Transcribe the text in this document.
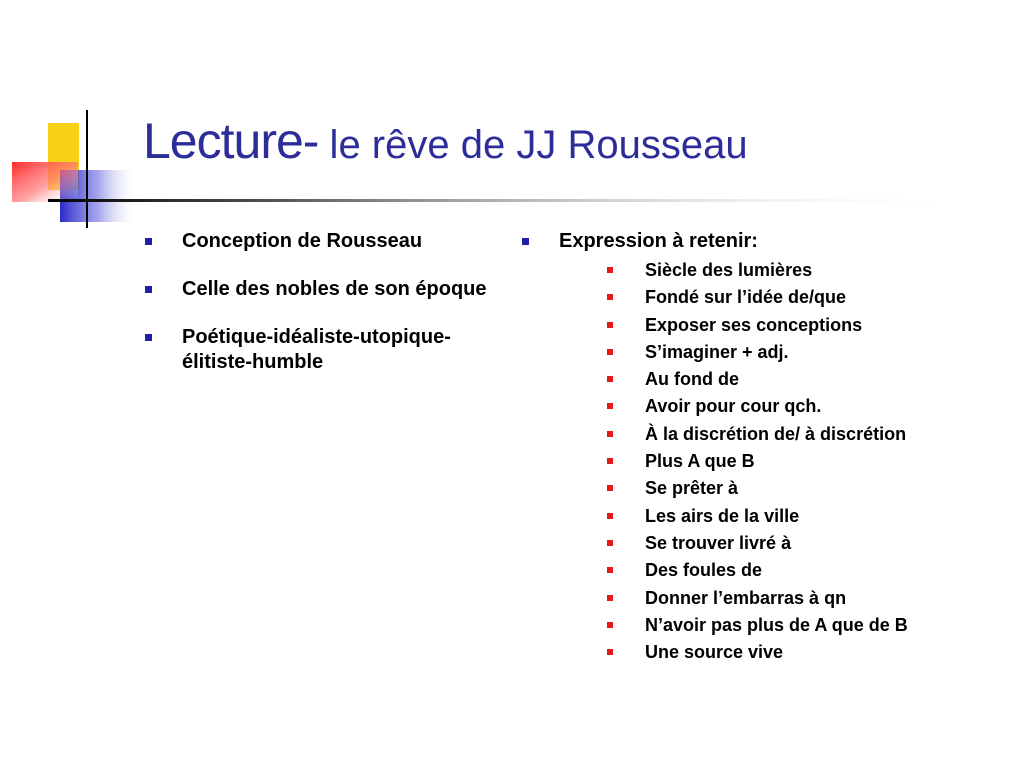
Lecture- le rêve de JJ Rousseau
Conception de Rousseau
Celle des nobles de son époque
Poétique-idéaliste-utopique-élitiste-humble
Expression à retenir:
Siècle des lumières
Fondé sur l’idée de/que
Exposer ses conceptions
S’imaginer + adj.
Au fond de
Avoir pour cour qch.
À la discrétion de/ à discrétion
Plus A que B
Se prêter à
Les airs de la ville
Se trouver livré à
Des foules de
Donner l’embarras à qn
N’avoir pas plus de A que de B
Une source vive
